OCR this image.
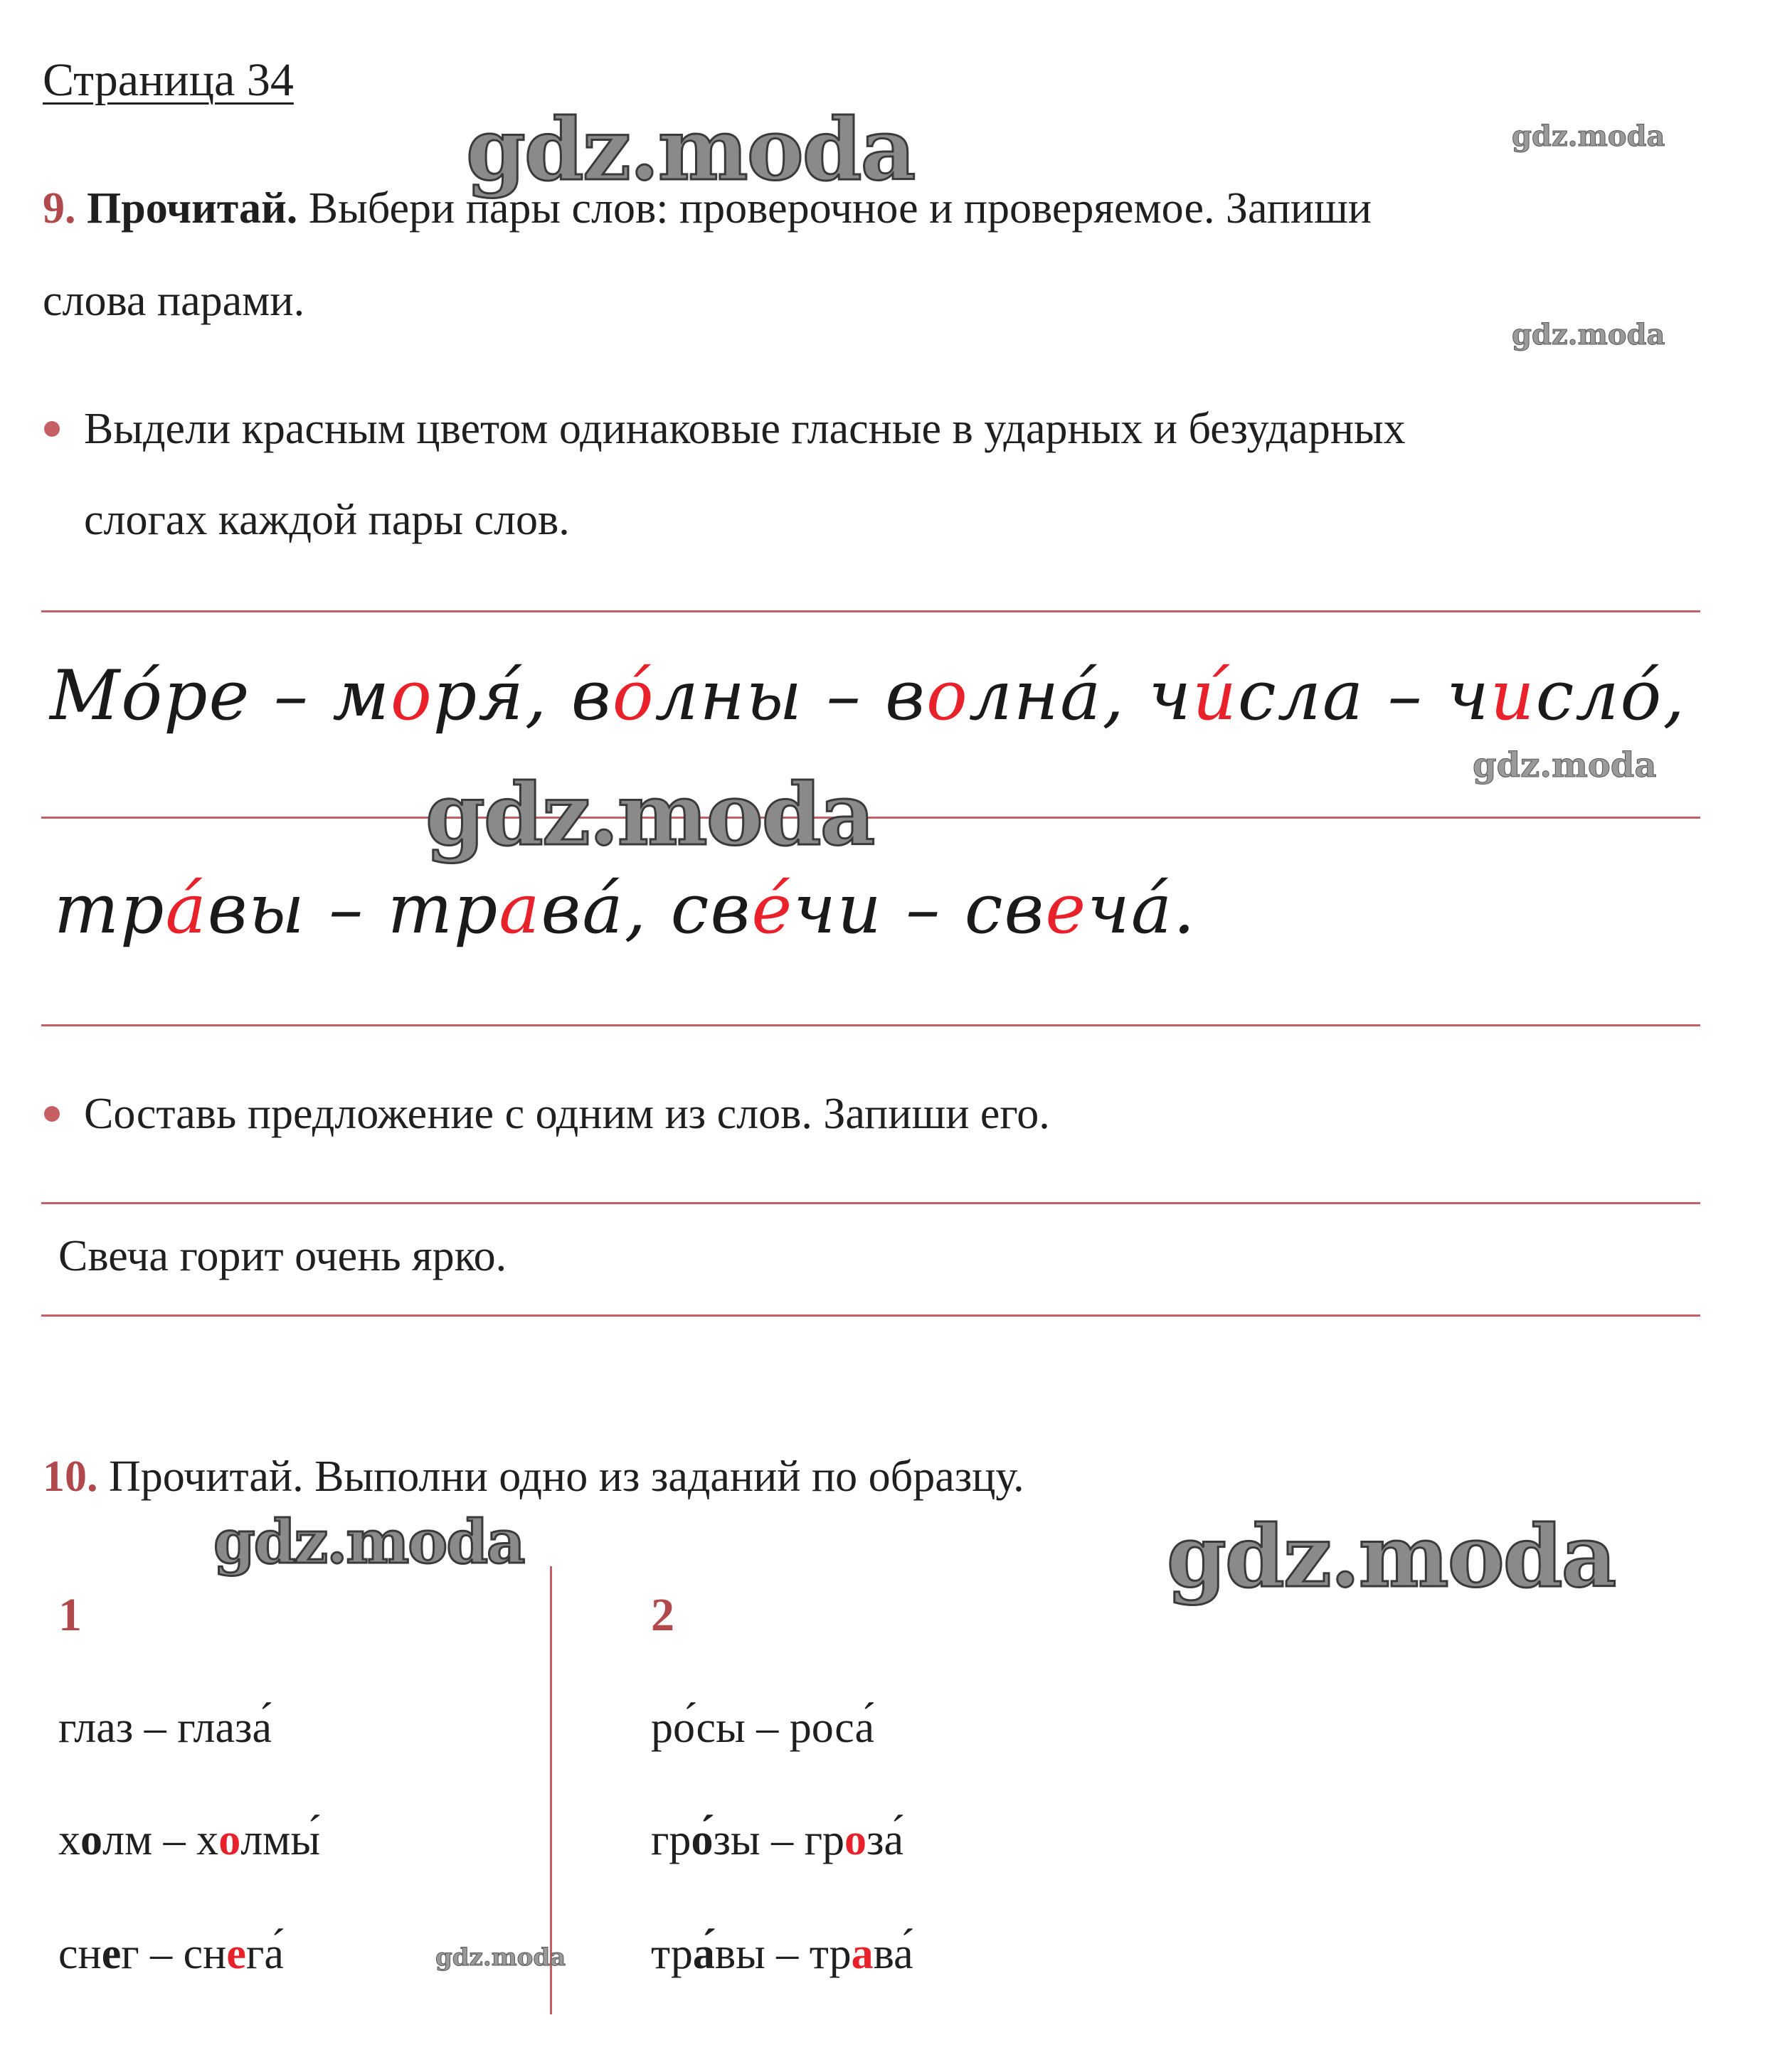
Страница 34
9. Прочитай. Выбери пары слов: проверочное и проверяемое. Запиши
слова парами.
Выдели красным цветом одинаковые гласные в ударных и безударных
слогах каждой пары слов.
Мо́ре – моря́, во́лны – волна́, чи́сла – число́,
тра́вы – трава́, све́чи – свеча́.
Составь предложение с одним из слов. Запиши его.
Свеча горит очень ярко.
10. Прочитай. Выполни одно из заданий по образцу.
1	2
глаз – глаза́
холм – холмы́
снег – снега́
ро́сы – роса́
гро́зы – гроза́
тра́вы – трава́
gdz.moda
gdz.moda
gdz.moda	gdz.moda
gdz.moda
gdz.moda
gdz.moda
gdz.moda
